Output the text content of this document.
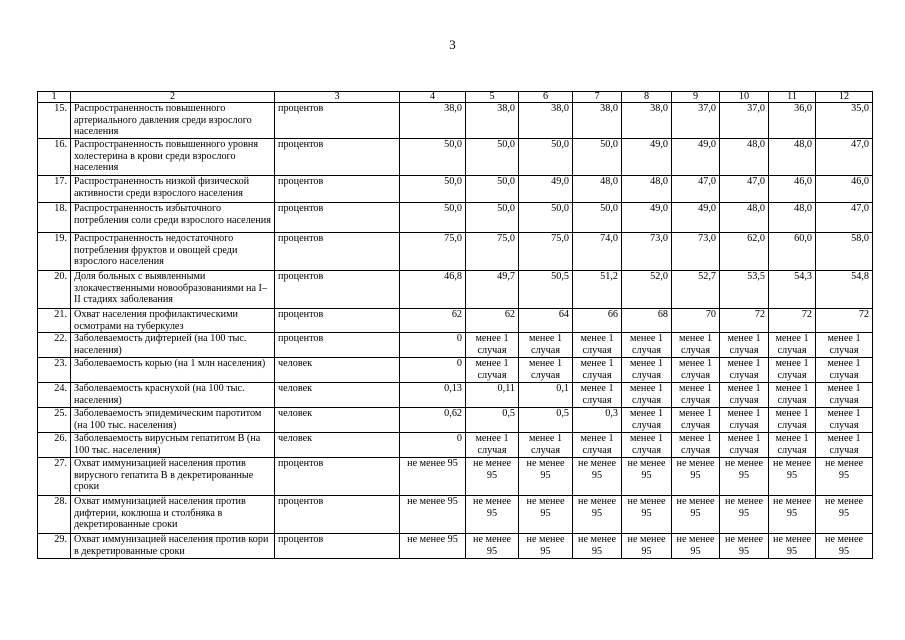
3
1	2	3	4	5	6	7	8	9	10	11	12
15.	Распространенность повышенного артериального давления среди взрослого населения	процентов	38,0	38,0	38,0	38,0	38,0	37,0	37,0	36,0	35,0
16.	Распространенность повышенного уровня холестерина в крови среди взрослого населения	процентов	50,0	50,0	50,0	50,0	49,0	49,0	48,0	48,0	47,0
17.	Распространенность низкой физической активности среди взрослого населения	процентов	50,0	50,0	49,0	48,0	48,0	47,0	47,0	46,0	46,0
18.	Распространенность избыточного потребления соли среди взрослого населения	процентов	50,0	50,0	50,0	50,0	49,0	49,0	48,0	48,0	47,0
19.	Распространенность недостаточного потребления фруктов и овощей среди взрослого населения	процентов	75,0	75,0	75,0	74,0	73,0	73,0	62,0	60,0	58,0
20.	Доля больных с выявленными злокачественными новообразованиями на I–II стадиях заболевания	процентов	46,8	49,7	50,5	51,2	52,0	52,7	53,5	54,3	54,8
21.	Охват населения профилактическими осмотрами на туберкулез	процентов	62	62	64	66	68	70	72	72	72
22.	Заболеваемость дифтерией (на 100 тыс. населения)	процентов	0	менее 1 случая	менее 1 случая	менее 1 случая	менее 1 случая	менее 1 случая	менее 1 случая	менее 1 случая	менее 1 случая
23.	Заболеваемость корью (на 1 млн населения)	человек	0	менее 1 случая	менее 1 случая	менее 1 случая	менее 1 случая	менее 1 случая	менее 1 случая	менее 1 случая	менее 1 случая
24.	Заболеваемость краснухой (на 100 тыс. населения)	человек	0,13	0,11	0,1	менее 1 случая	менее 1 случая	менее 1 случая	менее 1 случая	менее 1 случая	менее 1 случая
25.	Заболеваемость эпидемическим паротитом (на 100 тыс. населения)	человек	0,62	0,5	0,5	0,3	менее 1 случая	менее 1 случая	менее 1 случая	менее 1 случая	менее 1 случая
26.	Заболеваемость вирусным гепатитом В (на 100 тыс. населения)	человек	0	менее 1 случая	менее 1 случая	менее 1 случая	менее 1 случая	менее 1 случая	менее 1 случая	менее 1 случая	менее 1 случая
27.	Охват иммунизацией населения против вирусного гепатита В в декретированные сроки	процентов	не менее 95	не менее 95	не менее 95	не менее 95	не менее 95	не менее 95	не менее 95	не менее 95	не менее 95
28.	Охват иммунизацией населения против дифтерии, коклюша и столбняка в декретированные сроки	процентов	не менее 95	не менее 95	не менее 95	не менее 95	не менее 95	не менее 95	не менее 95	не менее 95	не менее 95
29.	Охват иммунизацией населения против кори в декретированные сроки	процентов	не менее 95	не менее 95	не менее 95	не менее 95	не менее 95	не менее 95	не менее 95	не менее 95	не менее 95
